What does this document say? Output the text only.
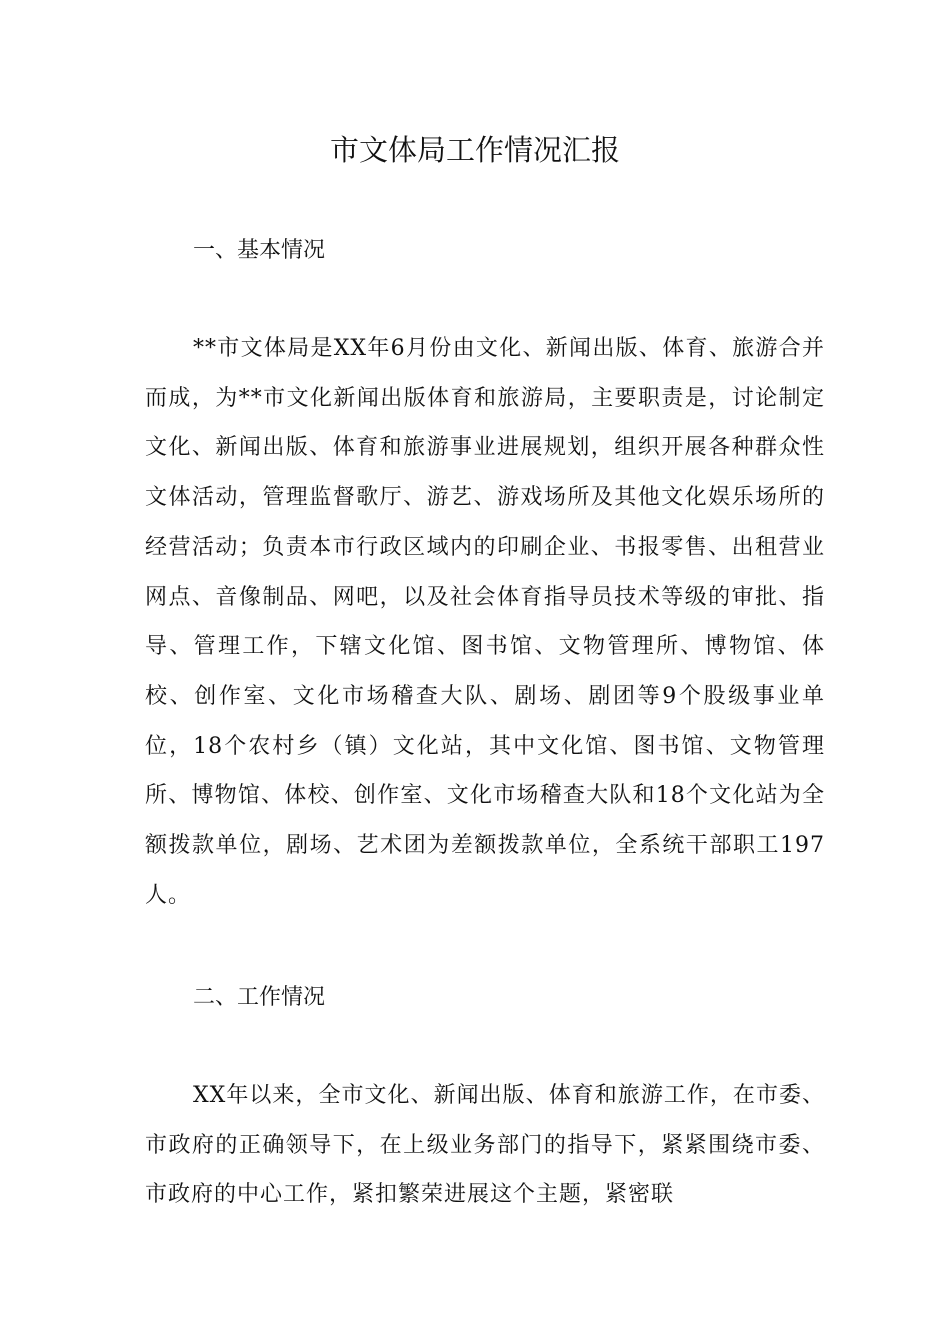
市文体局工作情况汇报
一、基本情况
**市文体局是XX年6月份由文化、新闻出版、体育、旅游合并而成，为**市文化新闻出版体育和旅游局，主要职责是，讨论制定文化、新闻出版、体育和旅游事业进展规划，组织开展各种群众性文体活动，管理监督歌厅、游艺、游戏场所及其他文化娱乐场所的经营活动；负责本市行政区域内的印刷企业、书报零售、出租营业网点、音像制品、网吧，以及社会体育指导员技术等级的审批、指导、管理工作，下辖文化馆、图书馆、文物管理所、博物馆、体校、创作室、文化市场稽查大队、剧场、剧团等9个股级事业单位，18个农村乡（镇）文化站，其中文化馆、图书馆、文物管理所、博物馆、体校、创作室、文化市场稽查大队和18个文化站为全额拨款单位，剧场、艺术团为差额拨款单位，全系统干部职工197人。
二、工作情况
XX年以来，全市文化、新闻出版、体育和旅游工作，在市委、市政府的正确领导下，在上级业务部门的指导下，紧紧围绕市委、市政府的中心工作，紧扣繁荣进展这个主题，紧密联
